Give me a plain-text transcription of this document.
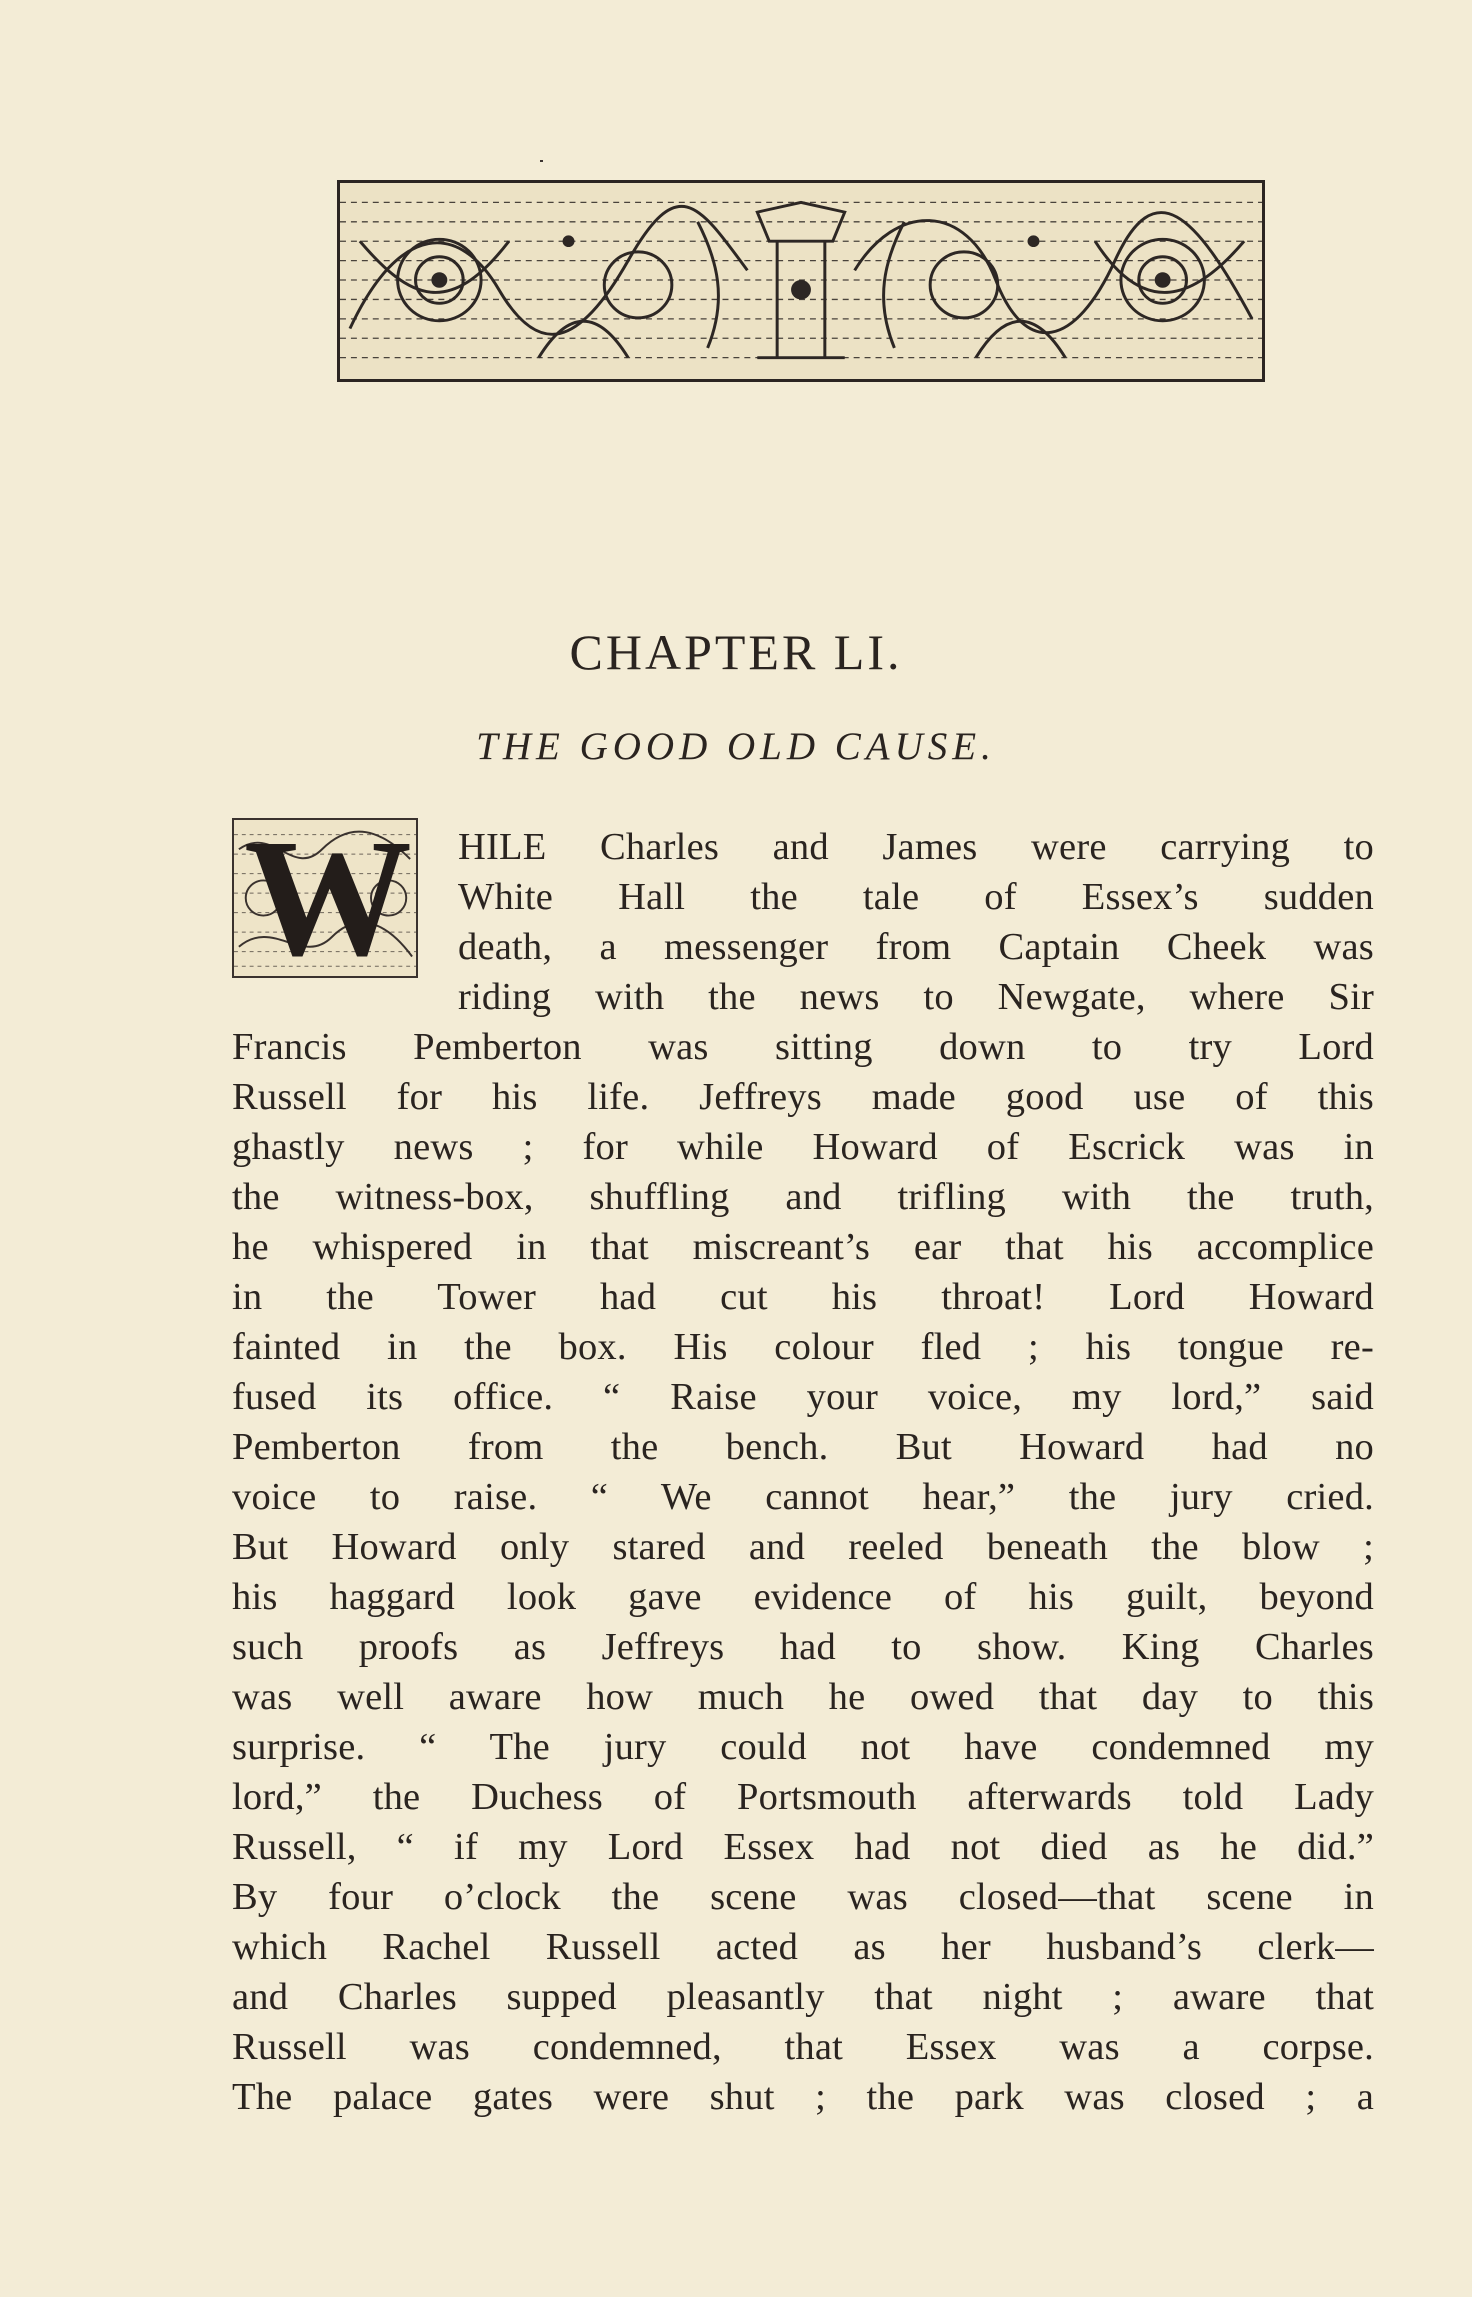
CHAPTER LI.
THE GOOD OLD CAUSE.
W HILE Charles and James were carrying to
White Hall the tale of Essex’s sudden
death, a messenger from Captain Cheek was
riding with the news to Newgate, where Sir
Francis Pemberton was sitting down to try Lord
Russell for his life. Jeffreys made good use of this
ghastly news ; for while Howard of Escrick was in
the witness-box, shuffling and trifling with the truth,
he whispered in that miscreant’s ear that his accomplice
in the Tower had cut his throat! Lord Howard
fainted in the box. His colour fled ; his tongue re-
fused its office. “ Raise your voice, my lord,” said
Pemberton from the bench. But Howard had no
voice to raise. “ We cannot hear,” the jury cried.
But Howard only stared and reeled beneath the blow ;
his haggard look gave evidence of his guilt, beyond
such proofs as Jeffreys had to show. King Charles
was well aware how much he owed that day to this
surprise. “ The jury could not have condemned my
lord,” the Duchess of Portsmouth afterwards told Lady
Russell, “ if my Lord Essex had not died as he did.”
By four o’clock the scene was closed—that scene in
which Rachel Russell acted as her husband’s clerk—
and Charles supped pleasantly that night ; aware that
Russell was condemned, that Essex was a corpse.
The palace gates were shut ; the park was closed ; a
